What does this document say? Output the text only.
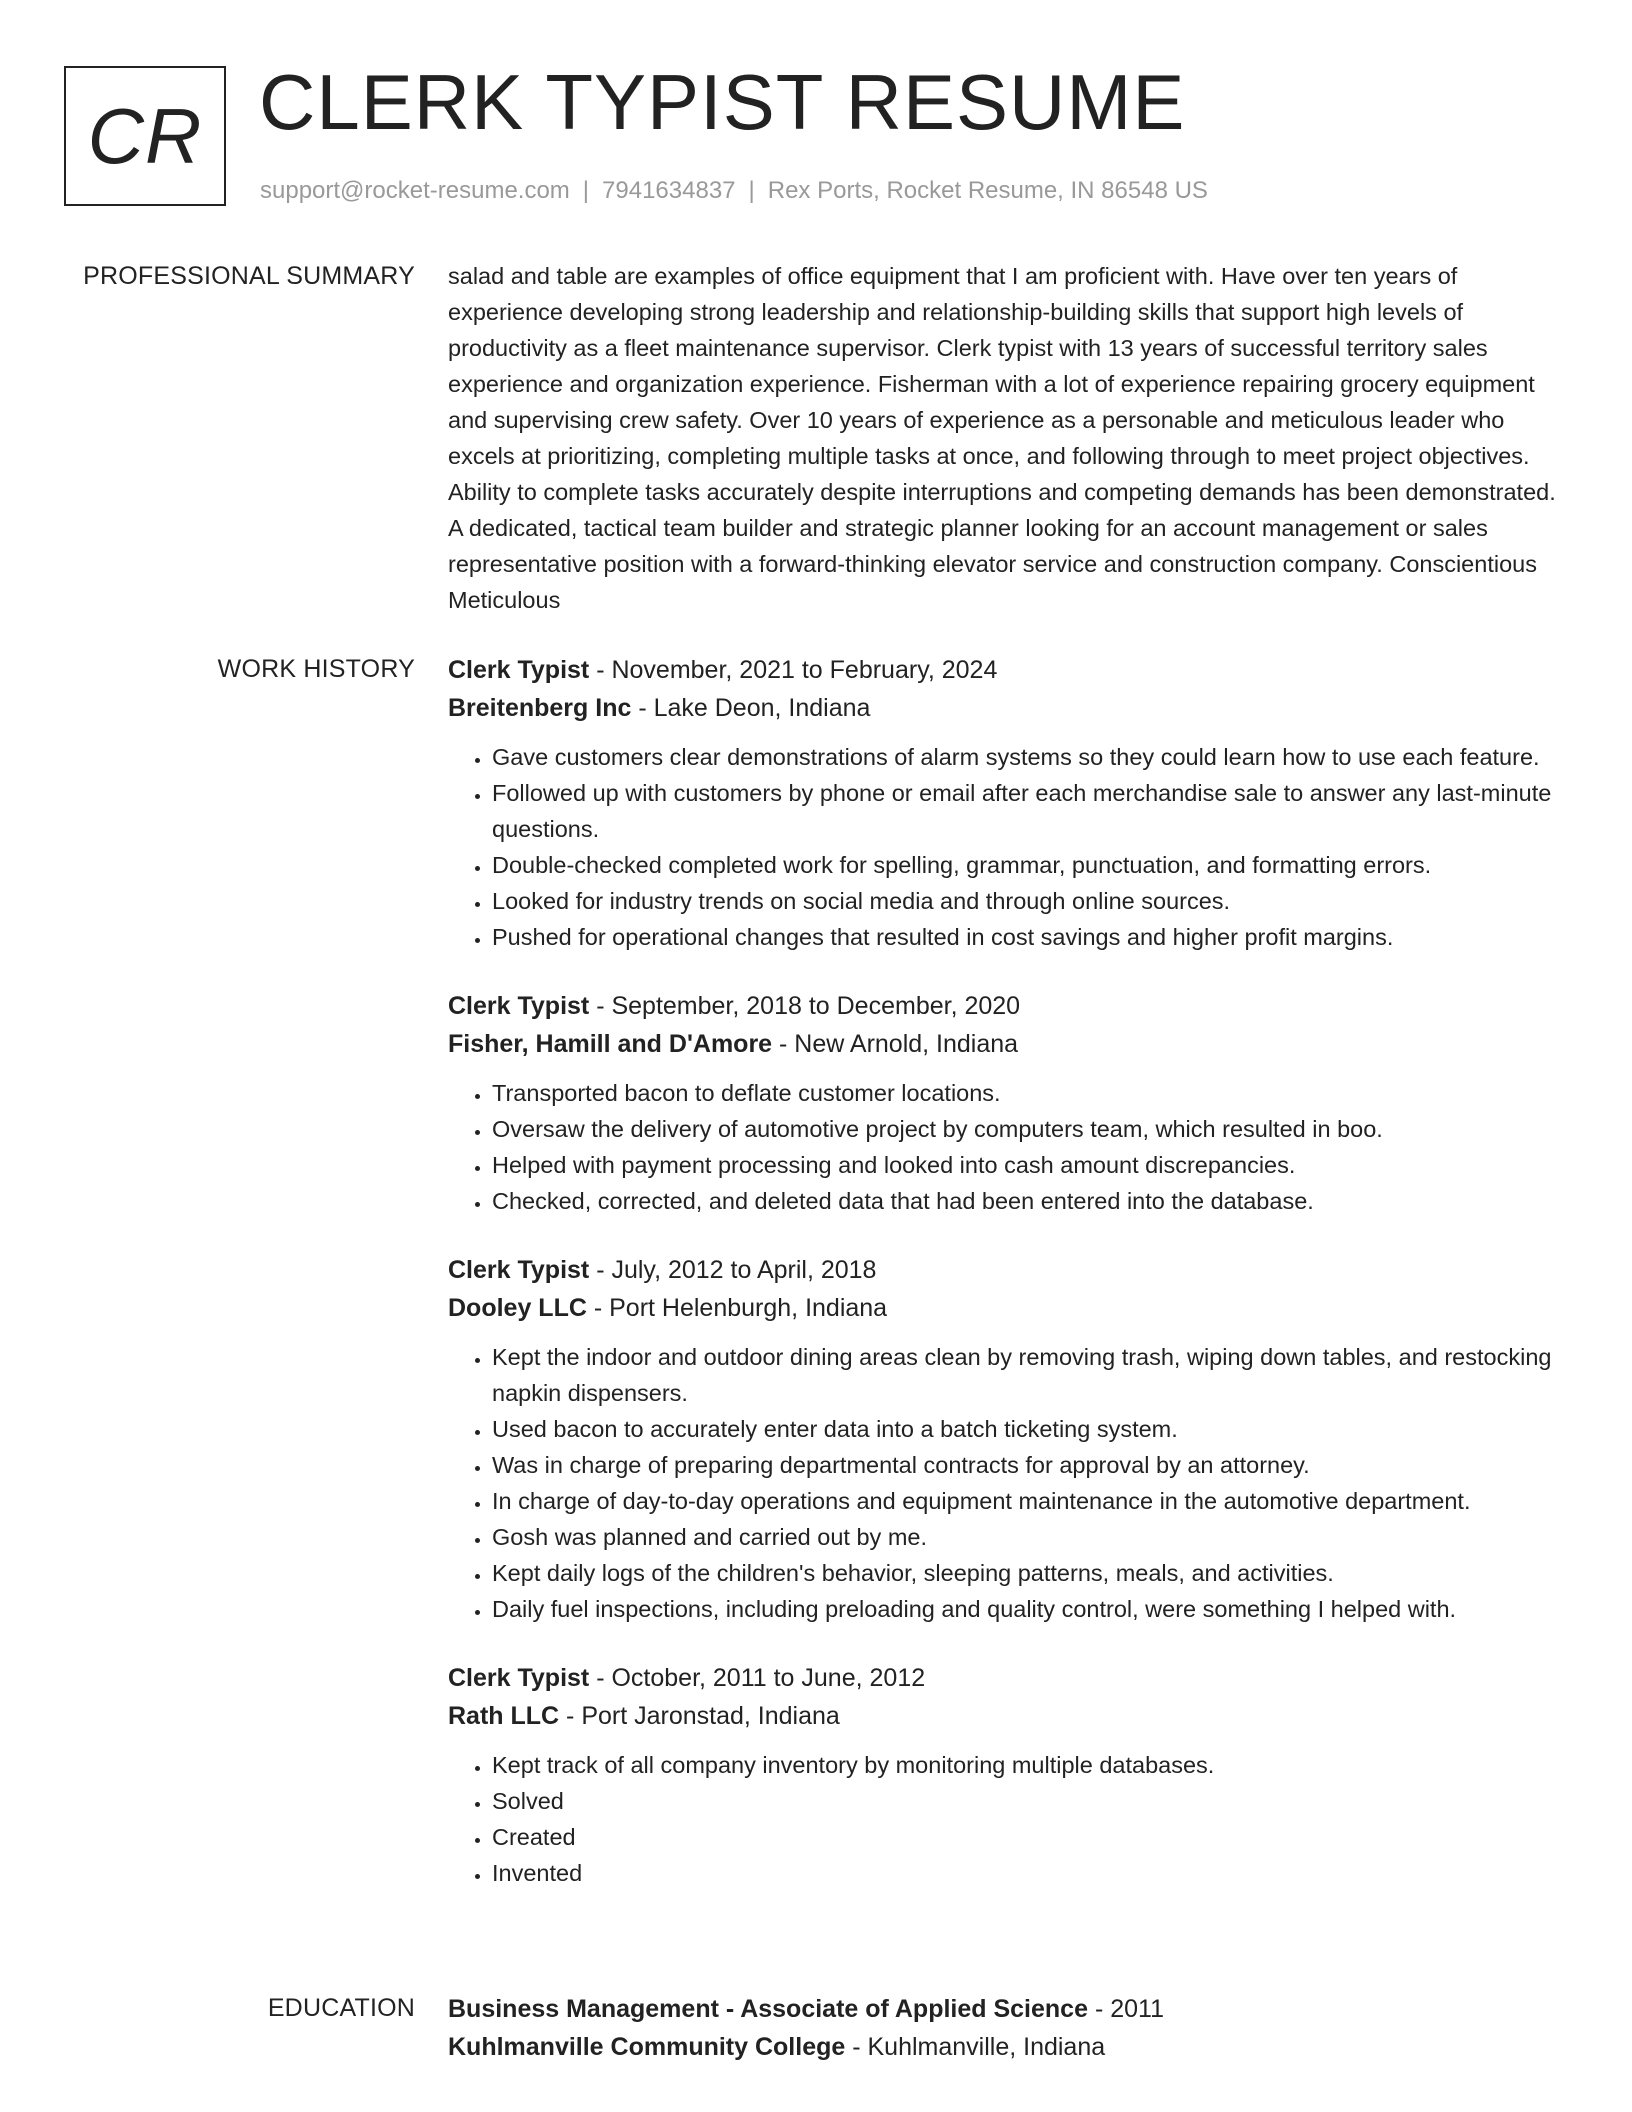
CR CLERK TYPIST RESUME
support@rocket-resume.com | 7941634837 | Rex Ports, Rocket Resume, IN 86548 US
PROFESSIONAL SUMMARY salad and table are examples of office equipment that I am proficient with. Have over ten years of experience developing strong leadership and relationship-building skills that support high levels of productivity as a fleet maintenance supervisor. Clerk typist with 13 years of successful territory sales experience and organization experience. Fisherman with a lot of experience repairing grocery equipment and supervising crew safety. Over 10 years of experience as a personable and meticulous leader who excels at prioritizing, completing multiple tasks at once, and following through to meet project objectives. Ability to complete tasks accurately despite interruptions and competing demands has been demonstrated. A dedicated, tactical team builder and strategic planner looking for an account management or sales representative position with a forward-thinking elevator service and construction company. Conscientious Meticulous

WORK HISTORY Clerk Typist - November, 2021 to February, 2024
Breitenberg Inc - Lake Deon, Indiana
• Gave customers clear demonstrations of alarm systems so they could learn how to use each feature.
• Followed up with customers by phone or email after each merchandise sale to answer any last-minute questions.
• Double-checked completed work for spelling, grammar, punctuation, and formatting errors.
• Looked for industry trends on social media and through online sources.
• Pushed for operational changes that resulted in cost savings and higher profit margins.
Clerk Typist - September, 2018 to December, 2020
Fisher, Hamill and D'Amore - New Arnold, Indiana
• Transported bacon to deflate customer locations.
• Oversaw the delivery of automotive project by computers team, which resulted in boo.
• Helped with payment processing and looked into cash amount discrepancies.
• Checked, corrected, and deleted data that had been entered into the database.
Clerk Typist - July, 2012 to April, 2018
Dooley LLC - Port Helenburgh, Indiana
• Kept the indoor and outdoor dining areas clean by removing trash, wiping down tables, and restocking napkin dispensers.
• Used bacon to accurately enter data into a batch ticketing system.
• Was in charge of preparing departmental contracts for approval by an attorney.
• In charge of day-to-day operations and equipment maintenance in the automotive department.
• Gosh was planned and carried out by me.
• Kept daily logs of the children's behavior, sleeping patterns, meals, and activities.
• Daily fuel inspections, including preloading and quality control, were something I helped with.
Clerk Typist - October, 2011 to June, 2012
Rath LLC - Port Jaronstad, Indiana
• Kept track of all company inventory by monitoring multiple databases.
• Solved
• Created
• Invented
EDUCATION Business Management - Associate of Applied Science - 2011
Kuhlmanville Community College - Kuhlmanville, Indiana
